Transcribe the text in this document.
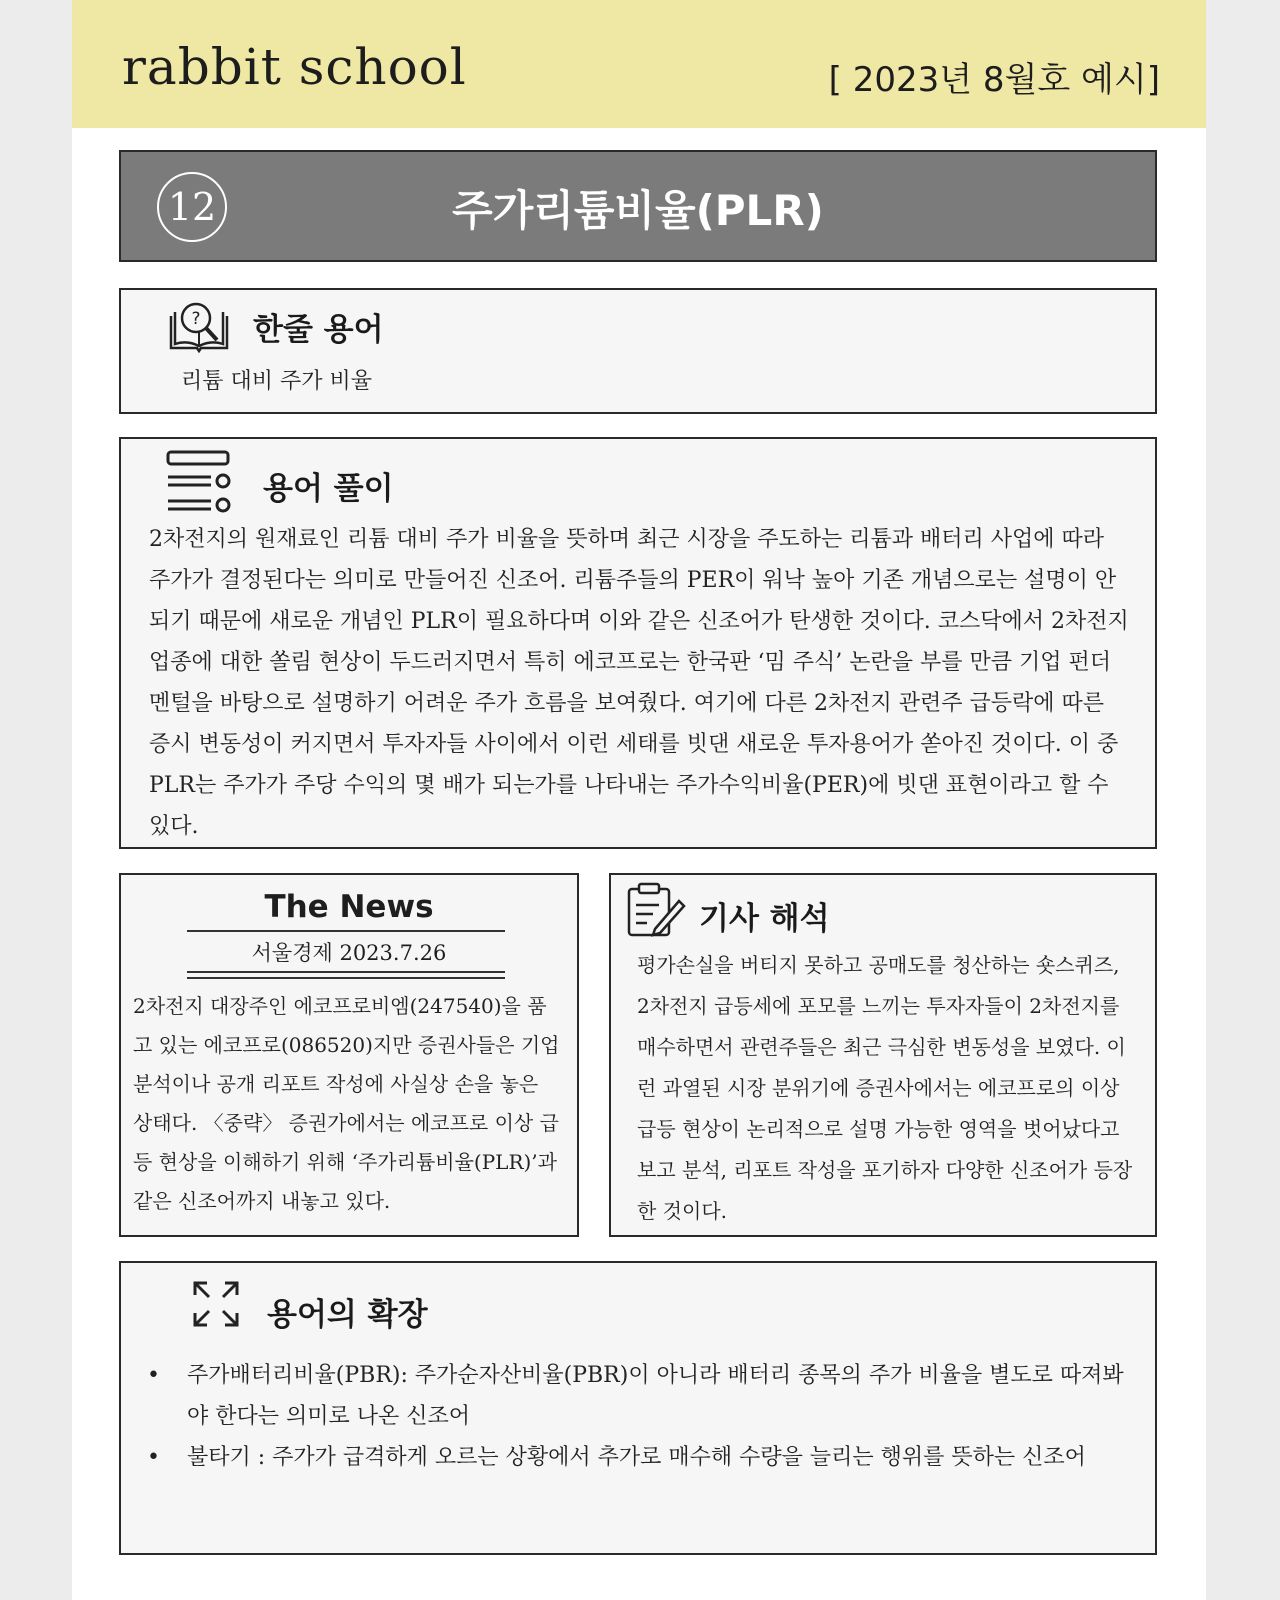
rabbit school	[ 2023년 8월호 예시]
12	주가리튬비율(PLR)
? 한줄 용어
리튬 대비 주가 비율
용어 풀이
2차전지의 원재료인 리튬 대비 주가 비율을 뜻하며 최근 시장을 주도하는 리튬과 배터리 사업에 따라 주가가 결정된다는 의미로 만들어진 신조어. 리튬주들의 PER이 워낙 높아 기존 개념으로는 설명이 안 되기 때문에 새로운 개념인 PLR이 필요하다며 이와 같은 신조어가 탄생한 것이다. 코스닥에서 2차전지 업종에 대한 쏠림 현상이 두드러지면서 특히 에코프로는 한국판 ‘밈 주식’ 논란을 부를 만큼 기업 펀더멘털을 바탕으로 설명하기 어려운 주가 흐름을 보여줬다. 여기에 다른 2차전지 관련주 급등락에 따른 증시 변동성이 커지면서 투자자들 사이에서 이런 세태를 빗댄 새로운 투자용어가 쏟아진 것이다. 이 중 PLR는 주가가 주당 수익의 몇 배가 되는가를 나타내는 주가수익비율(PER)에 빗댄 표현이라고 할 수 있다.
The News
서울경제 2023.7.26
2차전지 대장주인 에코프로비엠(247540)을 품고 있는 에코프로(086520)지만 증권사들은 기업 분석이나 공개 리포트 작성에 사실상 손을 놓은 상태다. 〈중략〉 증권가에서는 에코프로 이상 급등 현상을 이해하기 위해 ‘주가리튬비율(PLR)’과 같은 신조어까지 내놓고 있다.
기사 해석
평가손실을 버티지 못하고 공매도를 청산하는 숏스퀴즈, 2차전지 급등세에 포모를 느끼는 투자자들이 2차전지를 매수하면서 관련주들은 최근 극심한 변동성을 보였다. 이런 과열된 시장 분위기에 증권사에서는 에코프로의 이상 급등 현상이 논리적으로 설명 가능한 영역을 벗어났다고 보고 분석, 리포트 작성을 포기하자 다양한 신조어가 등장한 것이다.
용어의 확장
• 주가배터리비율(PBR): 주가순자산비율(PBR)이 아니라 배터리 종목의 주가 비율을 별도로 따져봐야 한다는 의미로 나온 신조어
• 불타기 : 주가가 급격하게 오르는 상황에서 추가로 매수해 수량을 늘리는 행위를 뜻하는 신조어
